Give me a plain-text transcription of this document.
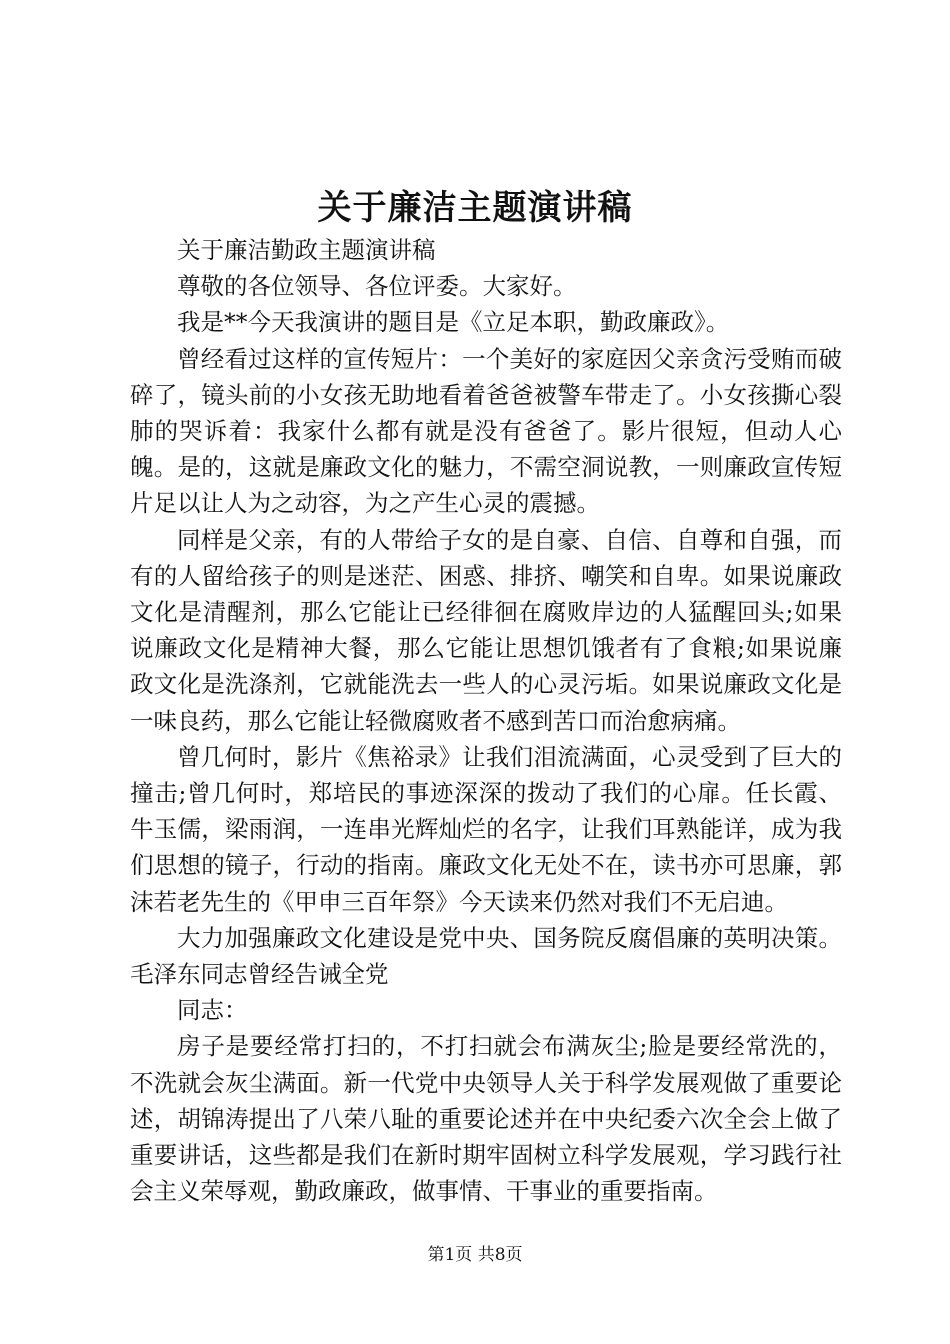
关于廉洁主题演讲稿

关于廉洁勤政主题演讲稿

尊敬的各位领导、各位评委。大家好。

我是**今天我演讲的题目是《立足本职，勤政廉政》。

曾经看过这样的宣传短片：一个美好的家庭因父亲贪污受贿而破碎了，镜头前的小女孩无助地看着爸爸被警车带走了。小女孩撕心裂肺的哭诉着：我家什么都有就是没有爸爸了。影片很短，但动人心魄。是的，这就是廉政文化的魅力，不需空洞说教，一则廉政宣传短片足以让人为之动容，为之产生心灵的震撼。

同样是父亲，有的人带给子女的是自豪、自信、自尊和自强，而有的人留给孩子的则是迷茫、困惑、排挤、嘲笑和自卑。如果说廉政文化是清醒剂，那么它能让已经徘徊在腐败岸边的人猛醒回头;如果说廉政文化是精神大餐，那么它能让思想饥饿者有了食粮;如果说廉政文化是洗涤剂，它就能洗去一些人的心灵污垢。如果说廉政文化是一味良药，那么它能让轻微腐败者不感到苦口而治愈病痛。

曾几何时，影片《焦裕录》让我们泪流满面，心灵受到了巨大的撞击;曾几何时，郑培民的事迹深深的拨动了我们的心扉。任长霞、牛玉儒，梁雨润，一连串光辉灿烂的名字，让我们耳熟能详，成为我们思想的镜子，行动的指南。廉政文化无处不在，读书亦可思廉，郭沫若老先生的《甲申三百年祭》今天读来仍然对我们不无启迪。

大力加强廉政文化建设是党中央、国务院反腐倡廉的英明决策。毛泽东同志曾经告诫全党

同志：

房子是要经常打扫的，不打扫就会布满灰尘;脸是要经常洗的，不洗就会灰尘满面。新一代党中央领导人关于科学发展观做了重要论述，胡锦涛提出了八荣八耻的重要论述并在中央纪委六次全会上做了重要讲话，这些都是我们在新时期牢固树立科学发展观，学习践行社会主义荣辱观，勤政廉政，做事情、干事业的重要指南。

第1页 共8页
